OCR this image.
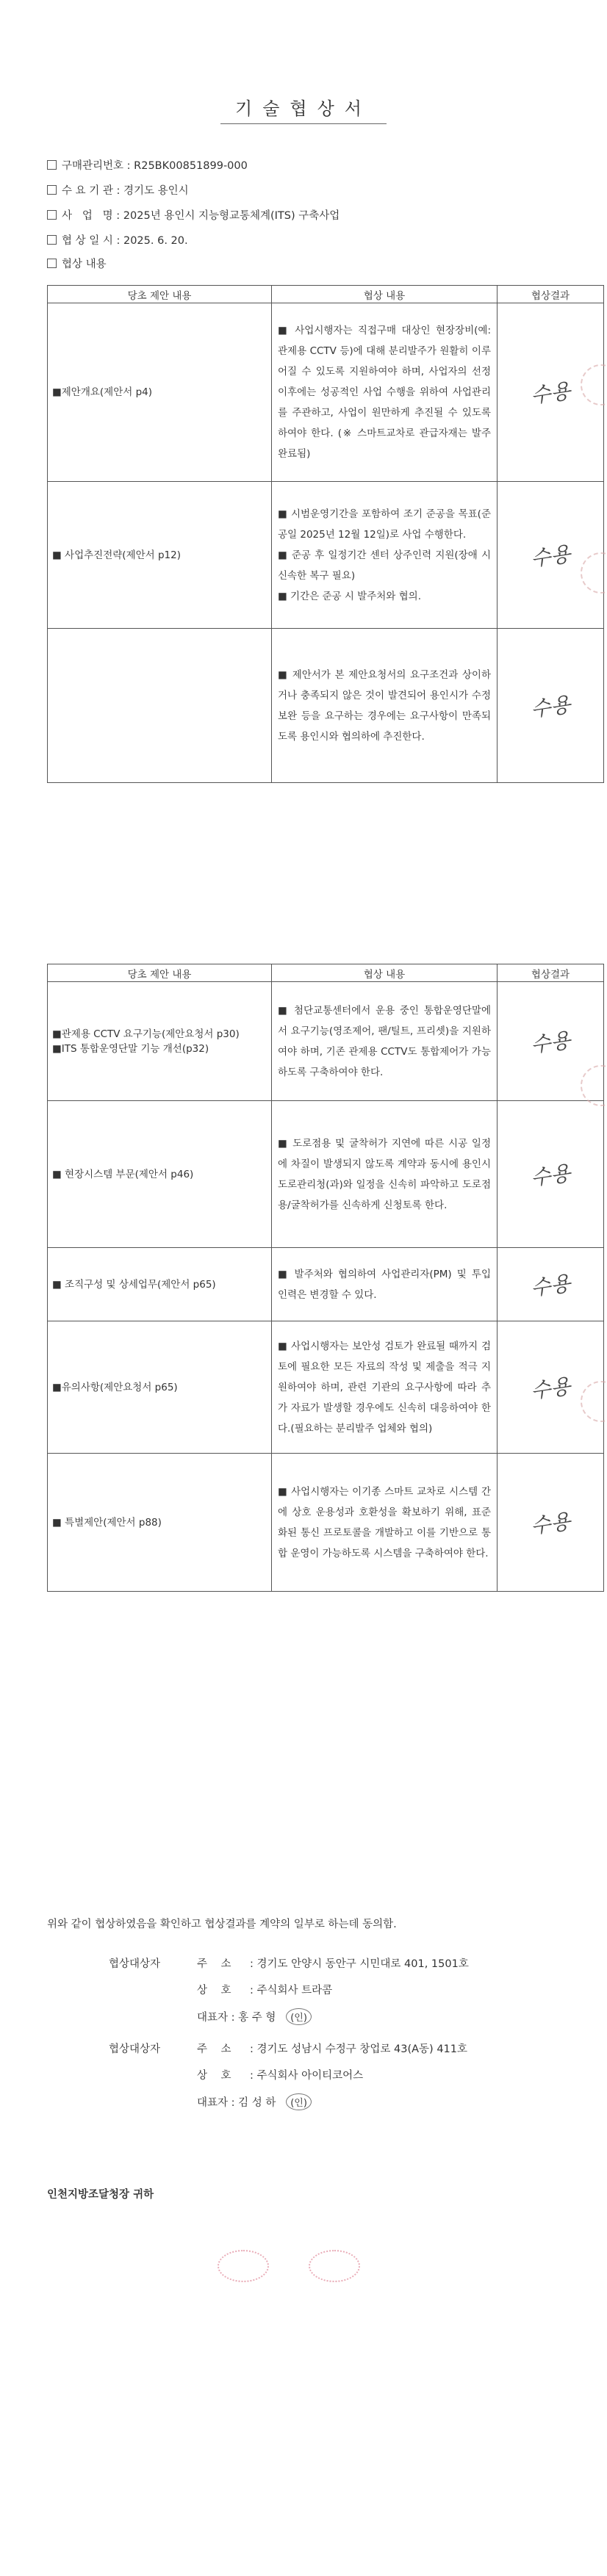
기술협상서
구매관리번호 : R25BK00851899-000
수 요 기 관 : 경기도 용인시
사   업   명 : 2025년 용인시 지능형교통체계(ITS) 구축사업
협 상 일 시 : 2025. 6. 20.
협상 내용
당초 제안 내용	협상 내용	협상결과
■제안개요(제안서 p4)	■ 사업시행자는 직접구매 대상인 현장장비(예: 관제용 CCTV 등)에 대해 분리발주가 원활히 이루어질 수 있도록 지원하여야 하며, 사업자의 선정 이후에는 성공적인 사업 수행을 위하여 사업관리를 주관하고, 사업이 원만하게 추진될 수 있도록 하여야 한다. (※ 스마트교차로 관급자재는 발주 완료됨)	수용
■ 사업추진전략(제안서 p12)	■ 시범운영기간을 포함하여 조기 준공을 목표(준공일 2025년 12월 12일)로 사업 수행한다.
■ 준공 후 일정기간 센터 상주인력 지원(장애 시 신속한 복구 필요)
■ 기간은 준공 시 발주처와 협의.	수용
	■ 제안서가 본 제안요청서의 요구조건과 상이하거나 충족되지 않은 것이 발견되어 용인시가 수정보완 등을 요구하는 경우에는 요구사항이 만족되도록 용인시와 협의하에 추진한다.	수용
당초 제안 내용	협상 내용	협상결과
■관제용 CCTV 요구기능(제안요청서 p30)
■ITS 통합운영단말 기능 개선(p32)	■ 첨단교통센터에서 운용 중인 통합운영단말에서 요구기능(영조제어, 팬/틸트, 프리셋)을 지원하여야 하며, 기존 관제용 CCTV도 통합제어가 가능하도록 구축하여야 한다.	수용
■ 현장시스템 부문(제안서 p46)	■ 도로점용 및 굴착허가 지연에 따른 시공 일정에 차질이 발생되지 않도록 계약과 동시에 용인시 도로관리청(과)와 일정을 신속히 파악하고 도로점용/굴착허가를 신속하게 신청토록 한다.	수용
■ 조직구성 및 상세업무(제안서 p65)	■ 발주처와 협의하여 사업관리자(PM) 및 투입 인력은 변경할 수 있다.	수용
■유의사항(제안요청서 p65)	■ 사업시행자는 보안성 검토가 완료될 때까지 검토에 필요한 모든 자료의 작성 및 제출을 적극 지원하여야 하며, 관련 기관의 요구사항에 따라 추가 자료가 발생할 경우에도 신속히 대응하여야 한다.(필요하는 분리발주 업체와 협의)	수용
■ 특별제안(제안서 p88)	■ 사업시행자는 이기종 스마트 교차로 시스템 간에 상호 운용성과 호환성을 확보하기 위해, 표준화된 통신 프로토콜을 개발하고 이를 기반으로 통합 운영이 가능하도록 시스템을 구축하여야 한다.	수용
위와 같이 협상하였음을 확인하고 협상결과를 계약의 일부로 하는데 동의함.
협상대상자	주    소 : 경기도 안양시 동안구 시민대로 401, 1501호
상    호 : 주식회사 트라콤
대표자 : 홍 주 형 (인)
협상대상자	주    소 : 경기도 성남시 수정구 창업로 43(A동) 411호
상    호 : 주식회사 아이티코어스
대표자 : 김 성 하 (인)
인천지방조달청장 귀하
